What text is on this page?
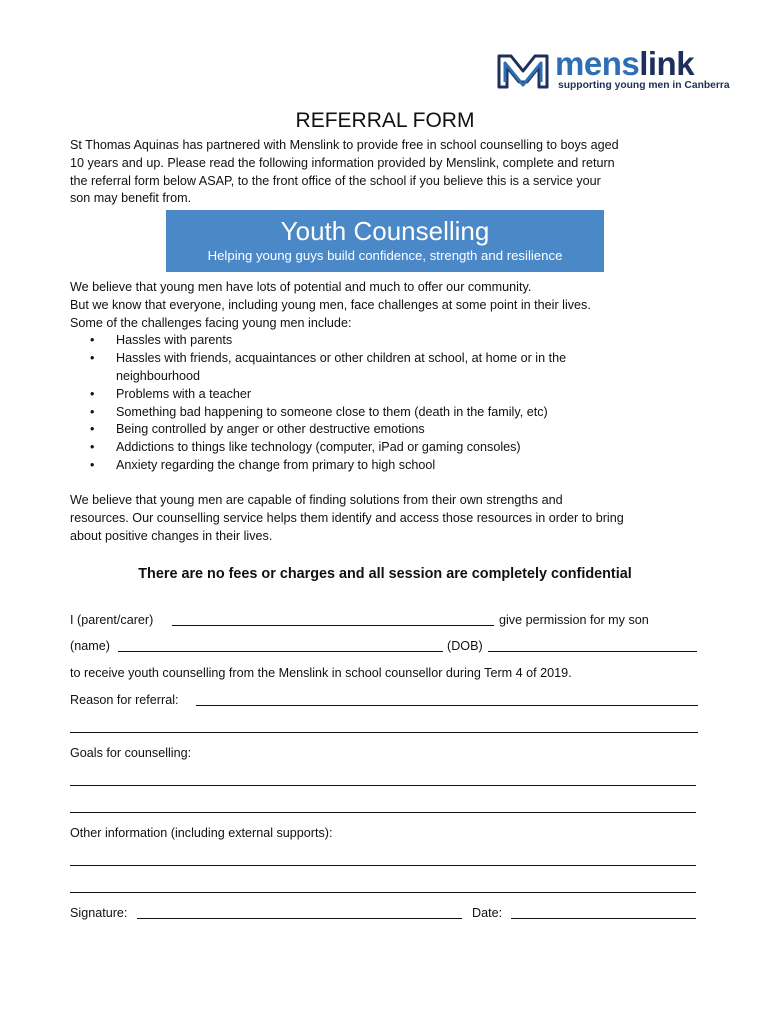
menslink
supporting young men in Canberra
REFERRAL FORM
St Thomas Aquinas has partnered with Menslink to provide free in school counselling to boys aged
10 years and up. Please read the following information provided by Menslink, complete and return
the referral form below ASAP, to the front office of the school if you believe this is a service your
son may benefit from.
Youth Counselling
Helping young guys build confidence, strength and resilience
We believe that young men have lots of potential and much to offer our community.
But we know that everyone, including young men, face challenges at some point in their lives.
Some of the challenges facing young men include:
• Hassles with parents
• Hassles with friends, acquaintances or other children at school, at home or in the
neighbourhood
• Problems with a teacher
• Something bad happening to someone close to them (death in the family, etc)
• Being controlled by anger or other destructive emotions
• Addictions to things like technology (computer, iPad or gaming consoles)
• Anxiety regarding the change from primary to high school
We believe that young men are capable of finding solutions from their own strengths and
resources. Our counselling service helps them identify and access those resources in order to bring
about positive changes in their lives.
There are no fees or charges and all session are completely confidential
I (parent/carer)	give permission for my son
(name)	(DOB)
to receive youth counselling from the Menslink in school counsellor during Term 4 of 2019.
Reason for referral:
Goals for counselling:
Other information (including external supports):
Signature:	Date:
